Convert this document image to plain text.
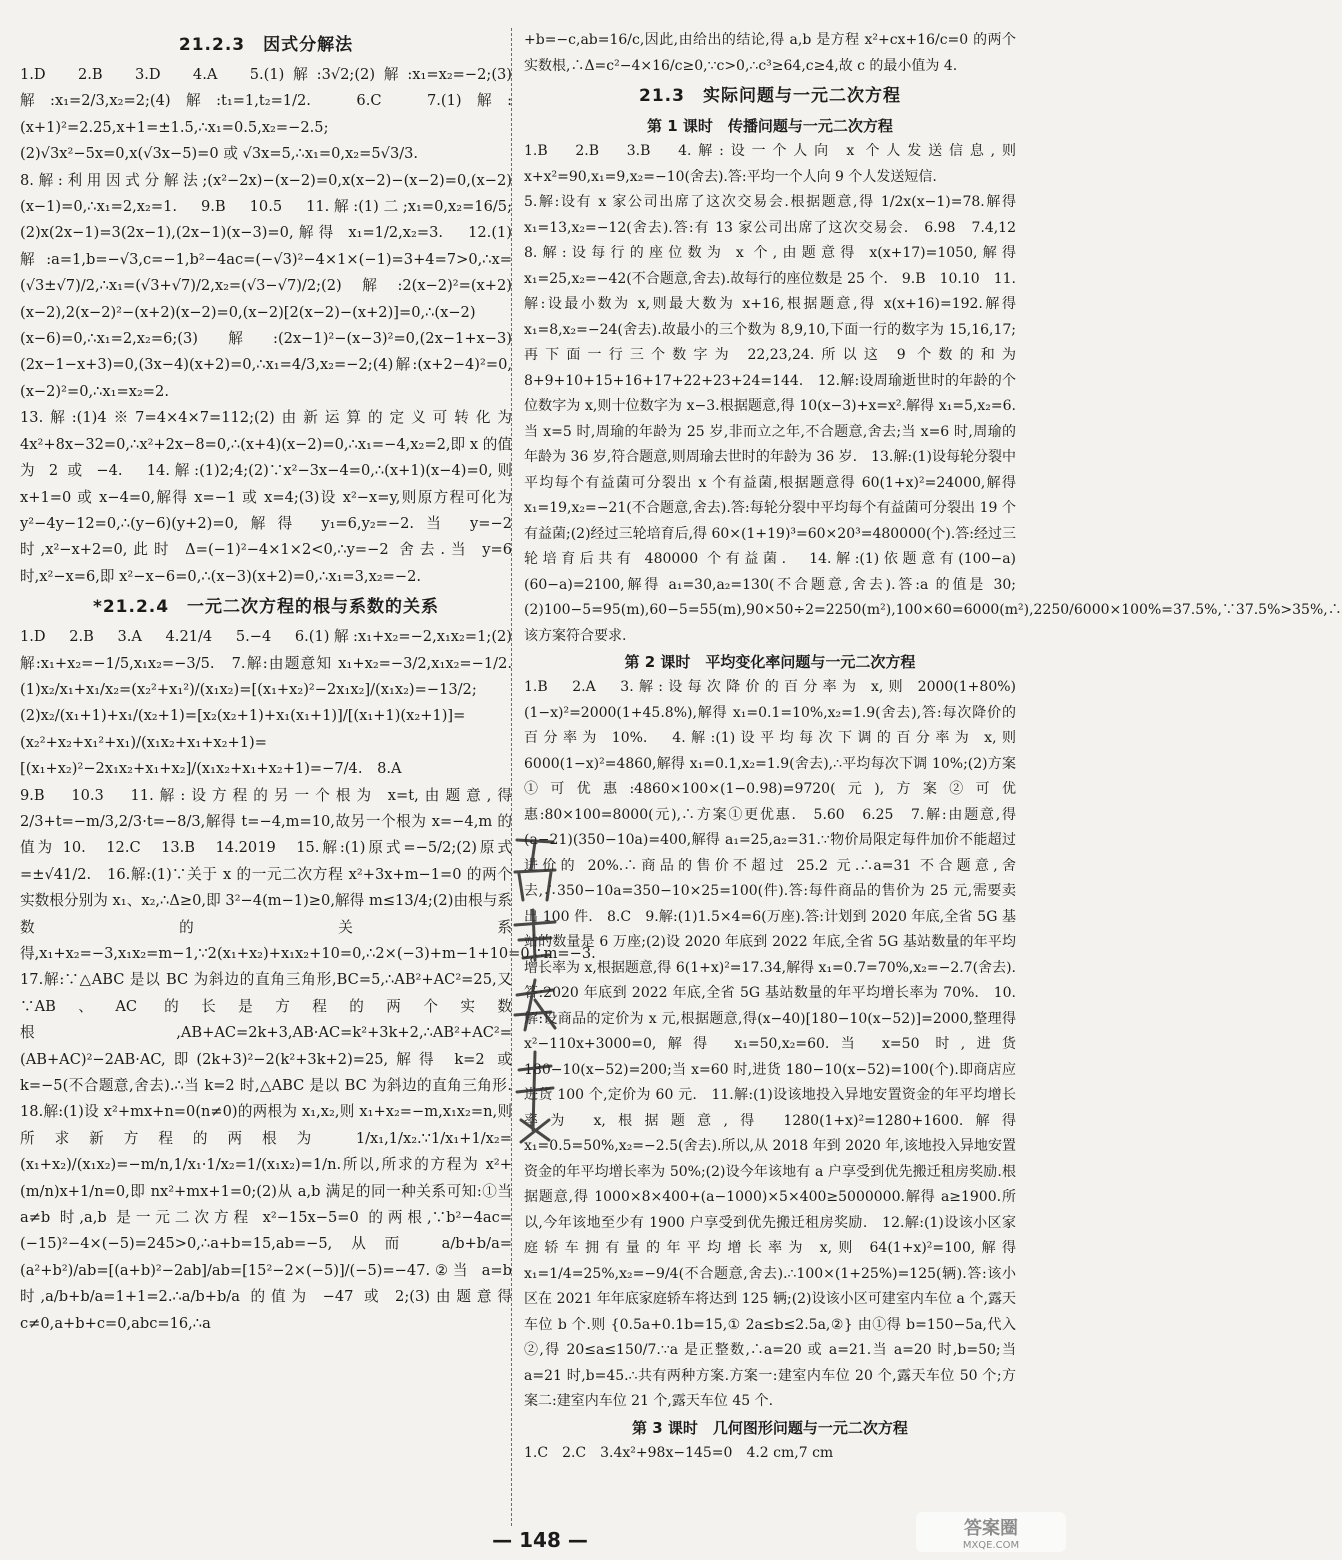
21.2.3　因式分解法

1.D　2.B　3.D　4.A　5.(1)解:3√2;(2)解:x₁=x₂=−2;(3)解:x₁=2/3,x₂=2;(4)解:t₁=1,t₂=1/2.　6.C　7.(1)解:(x+1)²=2.25,x+1=±1.5,∴x₁=0.5,x₂=−2.5;(2)√3x²−5x=0,x(√3x−5)=0 或 √3x=5,∴x₁=0,x₂=5√3/3.

8.解:利用因式分解法;(x²−2x)−(x−2)=0,x(x−2)−(x−2)=0,(x−2)(x−1)=0,∴x₁=2,x₂=1.　9.B　10.5　11.解:(1)二;x₁=0,x₂=16/5;(2)x(2x−1)=3(2x−1),(2x−1)(x−3)=0,解得 x₁=1/2,x₂=3.　12.(1)解:a=1,b=−√3,c=−1,b²−4ac=(−√3)²−4×1×(−1)=3+4=7>0,∴x=(√3±√7)/2,∴x₁=(√3+√7)/2,x₂=(√3−√7)/2;(2)解:2(x−2)²=(x+2)(x−2),2(x−2)²−(x+2)(x−2)=0,(x−2)[2(x−2)−(x+2)]=0,∴(x−2)(x−6)=0,∴x₁=2,x₂=6;(3)解:(2x−1)²−(x−3)²=0,(2x−1+x−3)(2x−1−x+3)=0,(3x−4)(x+2)=0,∴x₁=4/3,x₂=−2;(4)解:(x+2−4)²=0,(x−2)²=0,∴x₁=x₂=2.

13.解:(1)4※7=4×4×7=112;(2)由新运算的定义可转化为 4x²+8x−32=0,∴x²+2x−8=0,∴(x+4)(x−2)=0,∴x₁=−4,x₂=2,即 x 的值为 2 或 −4.　14.解:(1)2;4;(2)∵x²−3x−4=0,∴(x+1)(x−4)=0,则 x+1=0 或 x−4=0,解得 x=−1 或 x=4;(3)设 x²−x=y,则原方程可化为 y²−4y−12=0,∴(y−6)(y+2)=0,解得 y₁=6,y₂=−2.当 y=−2 时,x²−x+2=0,此时 Δ=(−1)²−4×1×2<0,∴y=−2 舍去.当 y=6 时,x²−x=6,即 x²−x−6=0,∴(x−3)(x+2)=0,∴x₁=3,x₂=−2.

*21.2.4　一元二次方程的根与系数的关系

1.D　2.B　3.A　4.21/4　5.−4　6.(1)解:x₁+x₂=−2,x₁x₂=1;(2)解:x₁+x₂=−1/5,x₁x₂=−3/5.　7.解:由题意知 x₁+x₂=−3/2,x₁x₂=−1/2.(1)x₂/x₁+x₁/x₂=(x₂²+x₁²)/(x₁x₂)=[(x₁+x₂)²−2x₁x₂]/(x₁x₂)=−13/2;(2)x₂/(x₁+1)+x₁/(x₂+1)=[x₂(x₂+1)+x₁(x₁+1)]/[(x₁+1)(x₂+1)]=(x₂²+x₂+x₁²+x₁)/(x₁x₂+x₁+x₂+1)=[(x₁+x₂)²−2x₁x₂+x₁+x₂]/(x₁x₂+x₁+x₂+1)=−7/4.　8.A

9.B　10.3　11.解:设方程的另一个根为 x=t,由题意,得 2/3+t=−m/3,2/3·t=−8/3,解得 t=−4,m=10,故另一个根为 x=−4,m 的值为 10.　12.C　13.B　14.2019　15.解:(1)原式=−5/2;(2)原式=±√41/2.　16.解:(1)∵关于 x 的一元二次方程 x²+3x+m−1=0 的两个实数根分别为 x₁、x₂,∴Δ≥0,即 3²−4(m−1)≥0,解得 m≤13/4;(2)由根与系数的关系得,x₁+x₂=−3,x₁x₂=m−1,∵2(x₁+x₂)+x₁x₂+10=0,∴2×(−3)+m−1+10=0,∴m=−3.　17.解:∵△ABC 是以 BC 为斜边的直角三角形,BC=5,∴AB²+AC²=25,又∵AB、AC 的长是方程的两个实数根,AB+AC=2k+3,AB·AC=k²+3k+2,∴AB²+AC²=(AB+AC)²−2AB·AC,即(2k+3)²−2(k²+3k+2)=25,解得 k=2 或 k=−5(不合题意,舍去).∴当 k=2 时,△ABC 是以 BC 为斜边的直角三角形.　18.解:(1)设 x²+mx+n=0(n≠0)的两根为 x₁,x₂,则 x₁+x₂=−m,x₁x₂=n,则所求新方程的两根为 1/x₁,1/x₂.∵1/x₁+1/x₂=(x₁+x₂)/(x₁x₂)=−m/n,1/x₁·1/x₂=1/(x₁x₂)=1/n.所以,所求的方程为 x²+(m/n)x+1/n=0,即 nx²+mx+1=0;(2)从 a,b 满足的同一种关系可知:①当 a≠b 时,a,b 是一元二次方程 x²−15x−5=0 的两根,∵b²−4ac=(−15)²−4×(−5)=245>0,∴a+b=15,ab=−5,从而 a/b+b/a=(a²+b²)/ab=[(a+b)²−2ab]/ab=[15²−2×(−5)]/(−5)=−47.②当 a=b 时,a/b+b/a=1+1=2.∴a/b+b/a 的值为 −47 或 2;(3)由题意得 c≠0,a+b+c=0,abc=16,∴a

+b=−c,ab=16/c,因此,由给出的结论,得 a,b 是方程 x²+cx+16/c=0 的两个实数根,∴Δ=c²−4×16/c≥0,∵c>0,∴c³≥64,c≥4,故 c 的最小值为 4.

21.3　实际问题与一元二次方程
第 1 课时　传播问题与一元二次方程

1.B　2.B　3.B　4.解:设一个人向 x 个人发送信息,则 x+x²=90,x₁=9,x₂=−10(舍去).答:平均一个人向 9 个人发送短信.

5.解:设有 x 家公司出席了这次交易会.根据题意,得 1/2x(x−1)=78.解得 x₁=13,x₂=−12(舍去).答:有 13 家公司出席了这次交易会.　6.98　7.4,12　8.解:设每行的座位数为 x 个,由题意得 x(x+17)=1050,解得 x₁=25,x₂=−42(不合题意,舍去).故每行的座位数是 25 个.　9.B　10.10　11.解:设最小数为 x,则最大数为 x+16,根据题意,得 x(x+16)=192.解得 x₁=8,x₂=−24(舍去).故最小的三个数为 8,9,10,下面一行的数字为 15,16,17;再下面一行三个数字为 22,23,24.所以这 9 个数的和为 8+9+10+15+16+17+22+23+24=144.　12.解:设周瑜逝世时的年龄的个位数字为 x,则十位数字为 x−3.根据题意,得 10(x−3)+x=x².解得 x₁=5,x₂=6.当 x=5 时,周瑜的年龄为 25 岁,非而立之年,不合题意,舍去;当 x=6 时,周瑜的年龄为 36 岁,符合题意,则周瑜去世时的年龄为 36 岁.　13.解:(1)设每轮分裂中平均每个有益菌可分裂出 x 个有益菌,根据题意得 60(1+x)²=24000,解得 x₁=19,x₂=−21(不合题意,舍去).答:每轮分裂中平均每个有益菌可分裂出 19 个有益菌;(2)经过三轮培育后,得 60×(1+19)³=60×20³=480000(个).答:经过三轮培育后共有 480000 个有益菌.　14.解:(1)依题意有(100−a)(60−a)=2100,解得 a₁=30,a₂=130(不合题意,舍去).答:a 的值是 30;(2)100−5=95(m),60−5=55(m),90×50÷2=2250(m²),100×60=6000(m²),2250/6000×100%=37.5%,∵37.5%>35%,∴该方案符合要求.

第 2 课时　平均变化率问题与一元二次方程

1.B　2.A　3.解:设每次降价的百分率为 x,则 2000(1+80%)(1−x)²=2000(1+45.8%),解得 x₁=0.1=10%,x₂=1.9(舍去),答:每次降价的百分率为 10%.　4.解:(1)设平均每次下调的百分率为 x,则 6000(1−x)²=4860,解得 x₁=0.1,x₂=1.9(舍去),∴平均每次下调 10%;(2)方案①可优惠:4860×100×(1−0.98)=9720(元),方案②可优惠:80×100=8000(元),∴方案①更优惠.　5.60　6.25　7.解:由题意,得(a−21)(350−10a)=400,解得 a₁=25,a₂=31.∵物价局限定每件加价不能超过进价的 20%.∴商品的售价不超过 25.2 元.∴a=31 不合题意,舍去,∴350−10a=350−10×25=100(件).答:每件商品的售价为 25 元,需要卖出 100 件.　8.C　9.解:(1)1.5×4=6(万座).答:计划到 2020 年底,全省 5G 基站的数量是 6 万座;(2)设 2020 年底到 2022 年底,全省 5G 基站数量的年平均增长率为 x,根据题意,得 6(1+x)²=17.34,解得 x₁=0.7=70%,x₂=−2.7(舍去).答:2020 年底到 2022 年底,全省 5G 基站数量的年平均增长率为 70%.　10.解:设商品的定价为 x 元,根据题意,得(x−40)[180−10(x−52)]=2000,整理得 x²−110x+3000=0,解得 x₁=50,x₂=60.当 x=50 时,进货 180−10(x−52)=200;当 x=60 时,进货 180−10(x−52)=100(个).即商店应进货 100 个,定价为 60 元.　11.解:(1)设该地投入异地安置资金的年平均增长率为 x,根据题意,得 1280(1+x)²=1280+1600.解得 x₁=0.5=50%,x₂=−2.5(舍去).所以,从 2018 年到 2020 年,该地投入异地安置资金的年平均增长率为 50%;(2)设今年该地有 a 户享受到优先搬迁租房奖励.根据题意,得 1000×8×400+(a−1000)×5×400≥5000000.解得 a≥1900.所以,今年该地至少有 1900 户享受到优先搬迁租房奖励.　12.解:(1)设该小区家庭轿车拥有量的年平均增长率为 x,则 64(1+x)²=100,解得 x₁=1/4=25%,x₂=−9/4(不合题意,舍去).∴100×(1+25%)=125(辆).答:该小区在 2021 年年底家庭轿车将达到 125 辆;(2)设该小区可建室内车位 a 个,露天车位 b 个.则 {0.5a+0.1b=15,① 2a≤b≤2.5a,②} 由①得 b=150−5a,代入②,得 20≤a≤150/7.∵a 是正整数,∴a=20 或 a=21.当 a=20 时,b=50;当 a=21 时,b=45.∴共有两种方案.方案一:建室内车位 20 个,露天车位 50 个;方案二:建室内车位 21 个,露天车位 45 个.

第 3 课时　几何图形问题与一元二次方程

1.C　2.C　3.4x²+98x−145=0　4.2 cm,7 cm

— 148 —	答案圈
MXQE.COM
